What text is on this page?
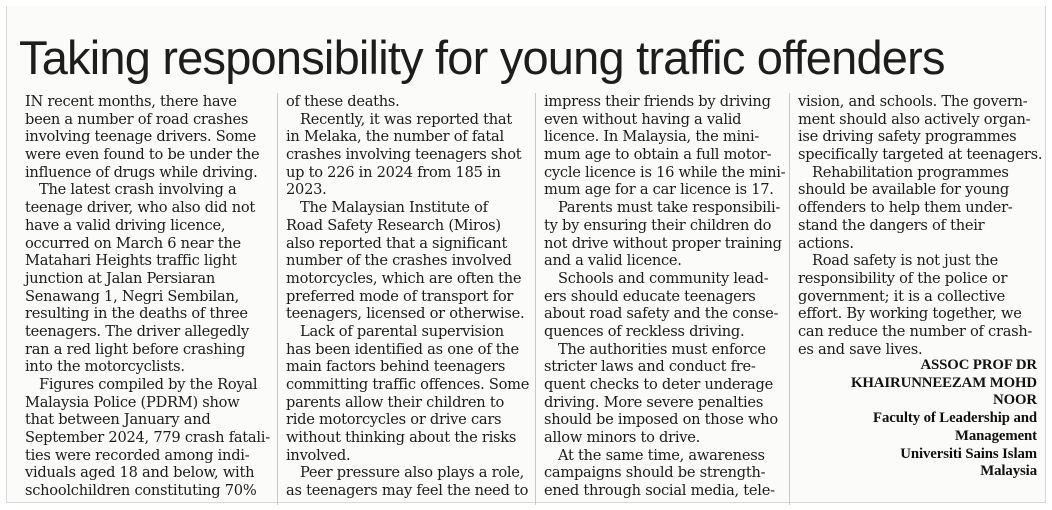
Taking responsibility for young traffic offenders
IN recent months, there have
been a number of road crashes
involving teenage drivers. Some
were even found to be under the
influence of drugs while driving.
The latest crash involving a
teenage driver, who also did not
have a valid driving licence,
occurred on March 6 near the
Matahari Heights traffic light
junction at Jalan Persiaran
Senawang 1, Negri Sembilan,
resulting in the deaths of three
teenagers. The driver allegedly
ran a red light before crashing
into the motorcyclists.
Figures compiled by the Royal
Malaysia Police (PDRM) show
that between January and
September 2024, 779 crash fatali-
ties were recorded among indi-
viduals aged 18 and below, with
schoolchildren constituting 70%
of these deaths.
Recently, it was reported that
in Melaka, the number of fatal
crashes involving teenagers shot
up to 226 in 2024 from 185 in
2023.
The Malaysian Institute of
Road Safety Research (Miros)
also reported that a significant
number of the crashes involved
motorcycles, which are often the
preferred mode of transport for
teenagers, licensed or otherwise.
Lack of parental supervision
has been identified as one of the
main factors behind teenagers
committing traffic offences. Some
parents allow their children to
ride motorcycles or drive cars
without thinking about the risks
involved.
Peer pressure also plays a role,
as teenagers may feel the need to
impress their friends by driving
even without having a valid
licence. In Malaysia, the mini-
mum age to obtain a full motor-
cycle licence is 16 while the mini-
mum age for a car licence is 17.
Parents must take responsibili-
ty by ensuring their children do
not drive without proper training
and a valid licence.
Schools and community lead-
ers should educate teenagers
about road safety and the conse-
quences of reckless driving.
The authorities must enforce
stricter laws and conduct fre-
quent checks to deter underage
driving. More severe penalties
should be imposed on those who
allow minors to drive.
At the same time, awareness
campaigns should be strength-
ened through social media, tele-
vision, and schools. The govern-
ment should also actively organ-
ise driving safety programmes
specifically targeted at teenagers.
Rehabilitation programmes
should be available for young
offenders to help them under-
stand the dangers of their
actions.
Road safety is not just the
responsibility of the police or
government; it is a collective
effort. By working together, we
can reduce the number of crash-
es and save lives.
ASSOC PROF DR
KHAIRUNNEEZAM MOHD
NOOR
Faculty of Leadership and
Management
Universiti Sains Islam
Malaysia
